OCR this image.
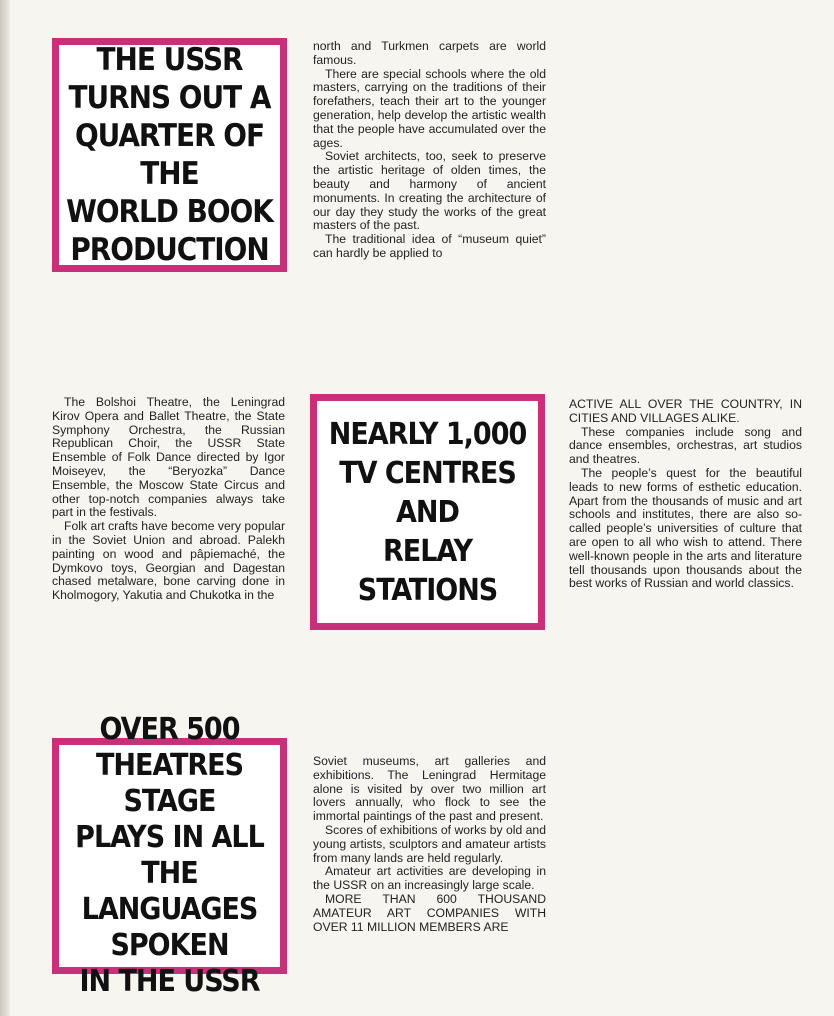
THE USSR
TURNS OUT A
QUARTER OF THE
WORLD BOOK
PRODUCTION

north and Turkmen carpets are world famous.

There are special schools where the old masters, carrying on the traditions of their forefathers, teach their art to the younger generation, help develop the artistic wealth that the people have accumulated over the ages.

Soviet architects, too, seek to preserve the artistic heritage of olden times, the beauty and harmony of ancient monuments. In creating the architecture of our day they study the works of the great masters of the past.

The traditional idea of “museum quiet” can hardly be applied to

The Bolshoi Theatre, the Leningrad Kirov Opera and Ballet Theatre, the State Symphony Orchestra, the Russian Republican Choir, the USSR State Ensemble of Folk Dance directed by Igor Moiseyev, the “Beryozka” Dance Ensemble, the Moscow State Circus and other top-notch companies always take part in the festivals.

Folk art crafts have become very popular in the Soviet Union and abroad. Palekh painting on wood and pâpiemaché, the Dymkovo toys, Georgian and Dagestan chased metalware, bone carving done in Kholmogory, Yakutia and Chukotka in the

NEARLY 1,000
TV CENTRES AND
RELAY STATIONS

ACTIVE ALL OVER THE COUNTRY, IN CITIES AND VILLAGES ALIKE.

These companies include song and dance ensembles, orchestras, art studios and theatres.

The people’s quest for the beautiful leads to new forms of esthetic education. Apart from the thousands of music and art schools and institutes, there are also so-called people’s universities of culture that are open to all who wish to attend. There well-known people in the arts and literature tell thousands upon thousands about the best works of Russian and world classics.

OVER 500
THEATRES STAGE
PLAYS IN ALL
THE LANGUAGES
SPOKEN
IN THE USSR

Soviet museums, art galleries and exhibitions. The Leningrad Hermitage alone is visited by over two million art lovers annually, who flock to see the immortal paintings of the past and present.

Scores of exhibitions of works by old and young artists, sculptors and amateur artists from many lands are held regularly.

Amateur art activities are developing in the USSR on an increasingly large scale.

MORE THAN 600 THOUSAND AMATEUR ART COMPANIES WITH OVER 11 MILLION MEMBERS ARE
